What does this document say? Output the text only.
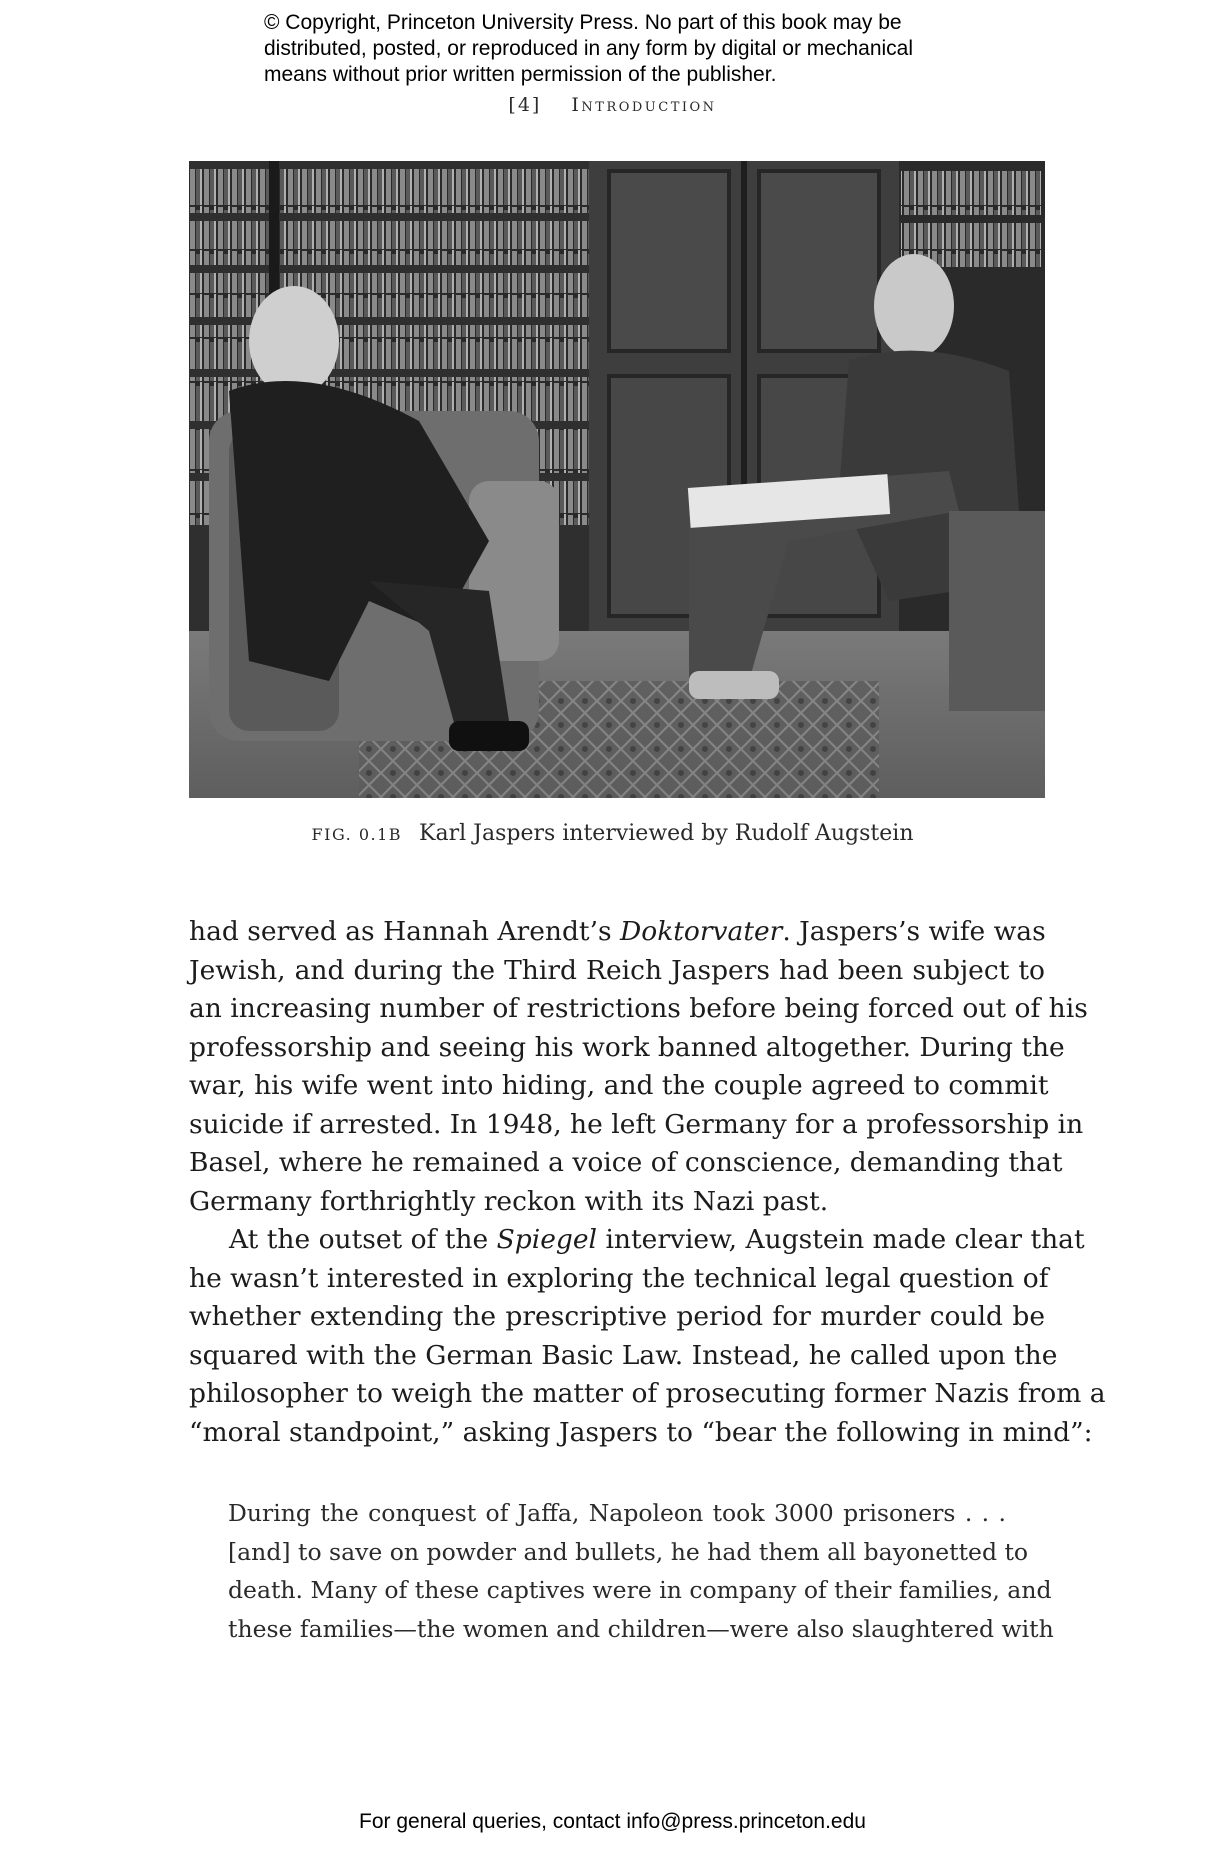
© Copyright, Princeton University Press. No part of this book may be
distributed, posted, or reproduced in any form by digital or mechanical
means without prior written permission of the publisher.
[4] Introduction
FIG. 0.1B Karl Jaspers interviewed by Rudolf Augstein
had served as Hannah Arendt’s Doktorvater. Jaspers’s wife was
Jewish, and during the Third Reich Jaspers had been subject to
an increasing number of restrictions before being forced out of his
professorship and seeing his work banned altogether. During the
war, his wife went into hiding, and the couple agreed to commit
suicide if arrested. In 1948, he left Germany for a professorship in
Basel, where he remained a voice of conscience, demanding that
Germany forthrightly reckon with its Nazi past.
At the outset of the Spiegel interview, Augstein made clear that
he wasn’t interested in exploring the technical legal question of
whether extending the prescriptive period for murder could be
squared with the German Basic Law. Instead, he called upon the
philosopher to weigh the matter of prosecuting former Nazis from a
“moral standpoint,” asking Jaspers to “bear the following in mind”:
During the conquest of Jaffa, Napoleon took 3000 prisoners . . .
[and] to save on powder and bullets, he had them all bayonetted to
death. Many of these captives were in company of their families, and
these families—the women and children—were also slaughtered with
For general queries, contact info@press.princeton.edu
